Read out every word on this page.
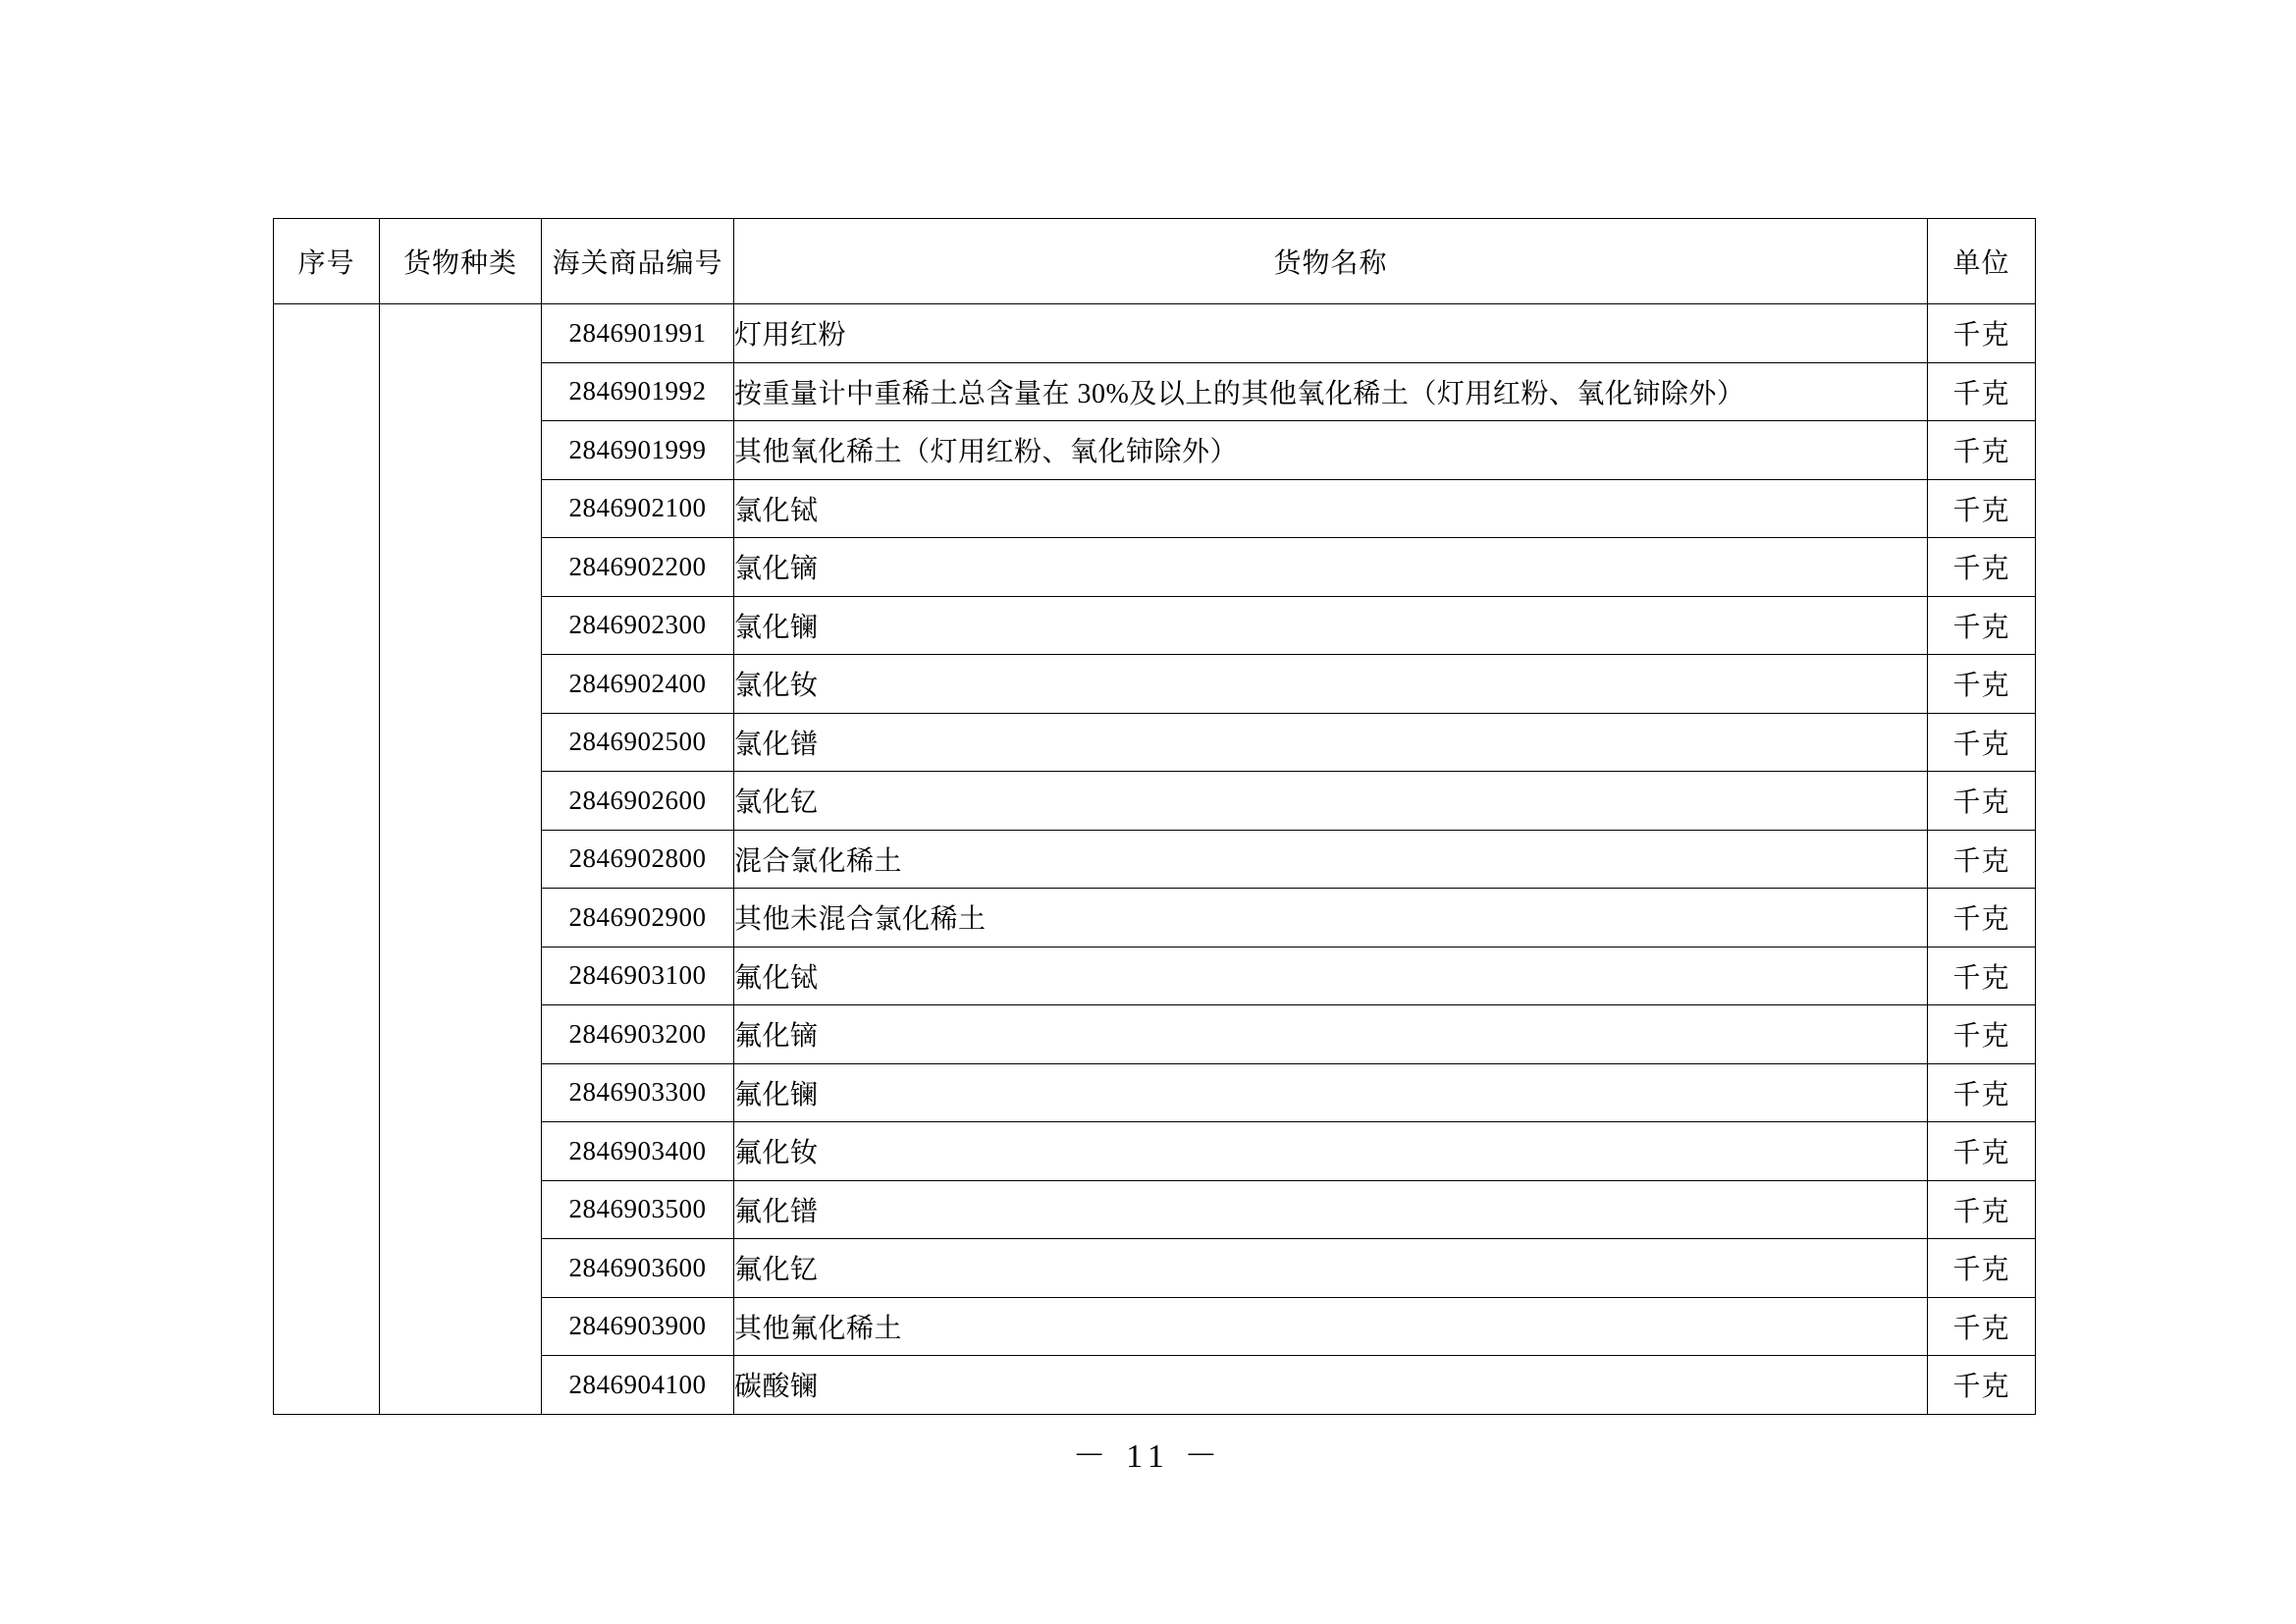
序号	货物种类	海关商品编号	货物名称	单位
		2846901991	灯用红粉	千克
		2846901992	按重量计中重稀土总含量在 30%及以上的其他氧化稀土（灯用红粉、氧化铈除外）	千克
		2846901999	其他氧化稀土（灯用红粉、氧化铈除外）	千克
		2846902100	氯化铽	千克
		2846902200	氯化镝	千克
		2846902300	氯化镧	千克
		2846902400	氯化钕	千克
		2846902500	氯化镨	千克
		2846902600	氯化钇	千克
		2846902800	混合氯化稀土	千克
		2846902900	其他未混合氯化稀土	千克
		2846903100	氟化铽	千克
		2846903200	氟化镝	千克
		2846903300	氟化镧	千克
		2846903400	氟化钕	千克
		2846903500	氟化镨	千克
		2846903600	氟化钇	千克
		2846903900	其他氟化稀土	千克
		2846904100	碳酸镧	千克
－ 11 －
